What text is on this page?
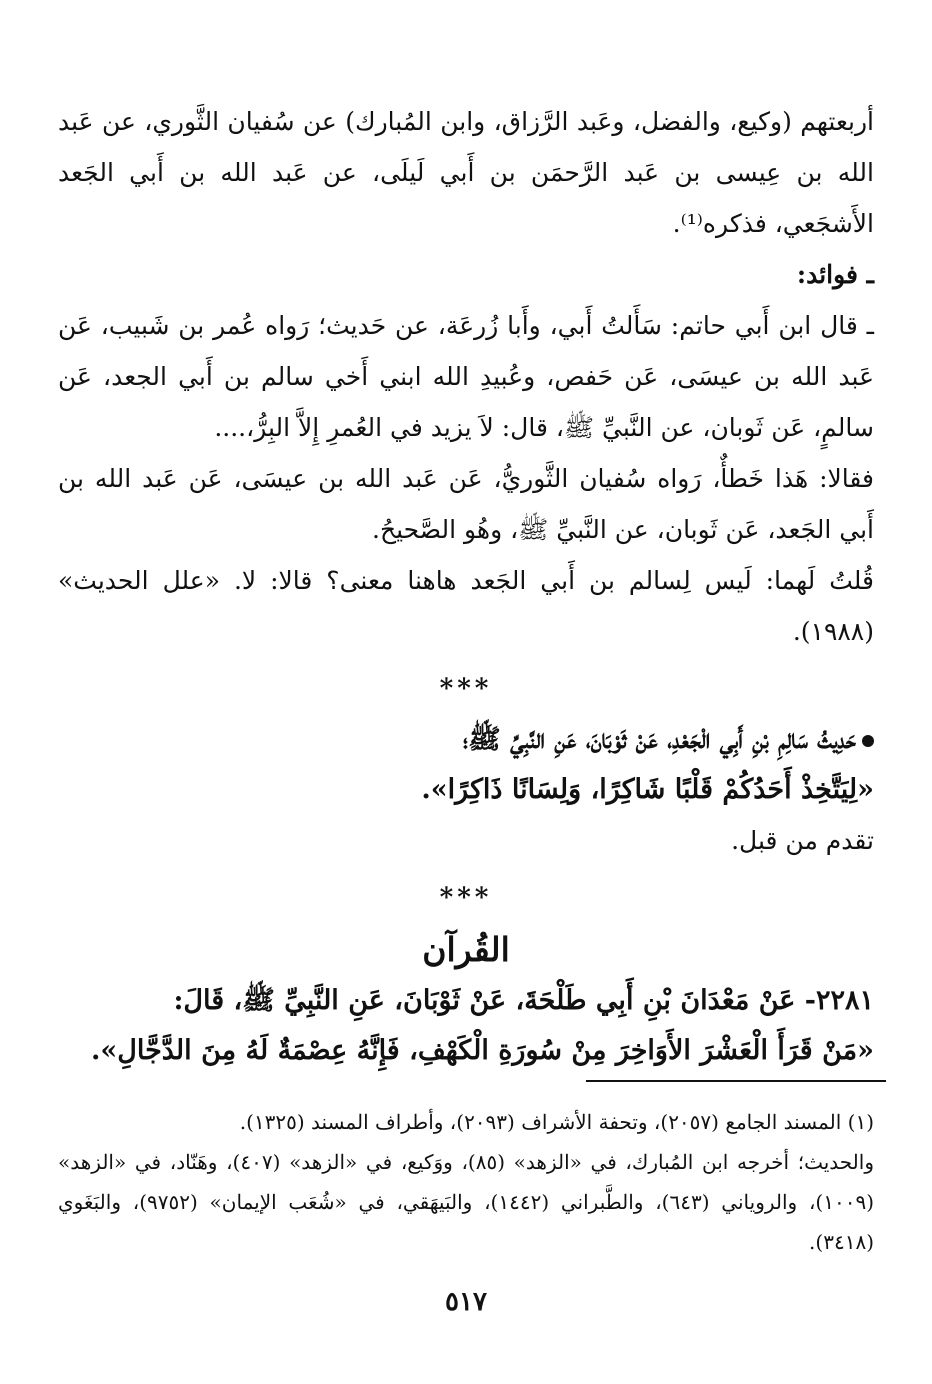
أربعتهم (وكيع، والفضل، وعَبد الرَّزاق، وابن المُبارك) عن سُفيان الثَّوري، عن عَبد الله بن عِيسى بن عَبد الرَّحمَن بن أَبي لَيلَى، عن عَبد الله بن أَبي الجَعد الأَشجَعي، فذكره⁽¹⁾.

ـ فوائد:

ـ قال ابن أَبي حاتم: سَأَلتُ أَبي، وأَبا زُرعَة، عن حَديث؛ رَواه عُمر بن شَبيب، عَن عَبد الله بن عيسَى، عَن حَفص، وعُبيدِ الله ابني أَخي سالم بن أَبي الجعد، عَن سالمٍ، عَن ثَوبان، عن النَّبيِّ ﷺ، قال: لاَ يزيد في العُمرِ إِلاَّ البِرُّ،....

فقالا: هَذا خَطأٌ، رَواه سُفيان الثَّوريُّ، عَن عَبد الله بن عيسَى، عَن عَبد الله بن أَبي الجَعد، عَن ثَوبان، عن النَّبيِّ ﷺ، وهُو الصَّحيحُ.

قُلتُ لَهما: لَيس لِسالم بن أَبي الجَعد هاهنا معنى؟ قالا: لا. «علل الحديث» (١٩٨٨).

***

حَدِيثُ سَالِمِ بْنِ أَبِي الْجَعْدِ، عَنْ ثَوْبَانَ، عَنِ النَّبِيِّ ﷺ؛

«لِيَتَّخِذْ أَحَدُكُمْ قَلْبًا شَاكِرًا، وَلِسَانًا ذَاكِرًا».

تقدم من قبل.

***

القُرآن

٢٢٨١- عَنْ مَعْدَانَ بْنِ أَبِي طَلْحَةَ، عَنْ ثَوْبَانَ، عَنِ النَّبِيِّ ﷺ، قَالَ:

«مَنْ قَرَأَ الْعَشْرَ الأَوَاخِرَ مِنْ سُورَةِ الْكَهْفِ، فَإِنَّهُ عِصْمَةٌ لَهُ مِنَ الدَّجَّالِ».

(١) المسند الجامع (٢٠٥٧)، وتحفة الأشراف (٢٠٩٣)، وأطراف المسند (١٣٢٥).

والحديث؛ أخرجه ابن المُبارك، في «الزهد» (٨٥)، ووَكيع، في «الزهد» (٤٠٧)، وهَنّاد، في «الزهد» (١٠٠٩)، والروياني (٦٤٣)، والطَّبراني (١٤٤٢)، والبَيهَقي، في «شُعَب الإيمان» (٩٧٥٢)، والبَغَوي (٣٤١٨).

٥١٧
